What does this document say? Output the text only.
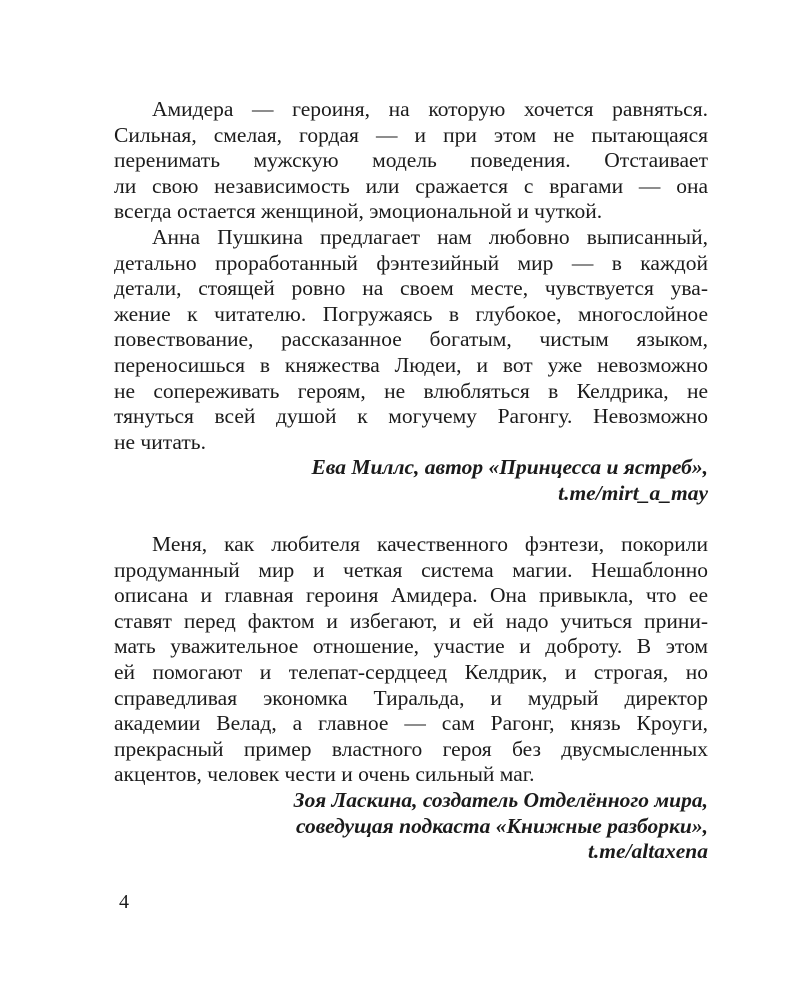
Амидера — героиня, на которую хочется равняться.
Сильная, смелая, гордая — и при этом не пытающаяся
перенимать мужскую модель поведения. Отстаивает
ли свою независимость или сражается с врагами — она
всегда остается женщиной, эмоциональной и чуткой.
Анна Пушкина предлагает нам любовно выписанный,
детально проработанный фэнтезийный мир — в каждой
детали, стоящей ровно на своем месте, чувствуется ува-
жение к читателю. Погружаясь в глубокое, многослойное
повествование, рассказанное богатым, чистым языком,
переносишься в княжества Людеи, и вот уже невозможно
не сопереживать героям, не влюбляться в Келдрика, не
тянуться всей душой к могучему Рагонгу. Невозможно
не читать.
Ева Миллс, автор «Принцесса и ястреб»,
t.me/mirt_a_may
Меня, как любителя качественного фэнтези, покорили
продуманный мир и четкая система магии. Нешаблонно
описана и главная героиня Амидера. Она привыкла, что ее
ставят перед фактом и избегают, и ей надо учиться прини-
мать уважительное отношение, участие и доброту. В этом
ей помогают и телепат-сердцеед Келдрик, и строгая, но
справедливая экономка Тиральда, и мудрый директор
академии Велад, а главное — сам Рагонг, князь Кроуги,
прекрасный пример властного героя без двусмысленных
акцентов, человек чести и очень сильный маг.
Зоя Ласкина, создатель Отделённого мира,
соведущая подкаста «Книжные разборки»,
t.me/altaxena
4
